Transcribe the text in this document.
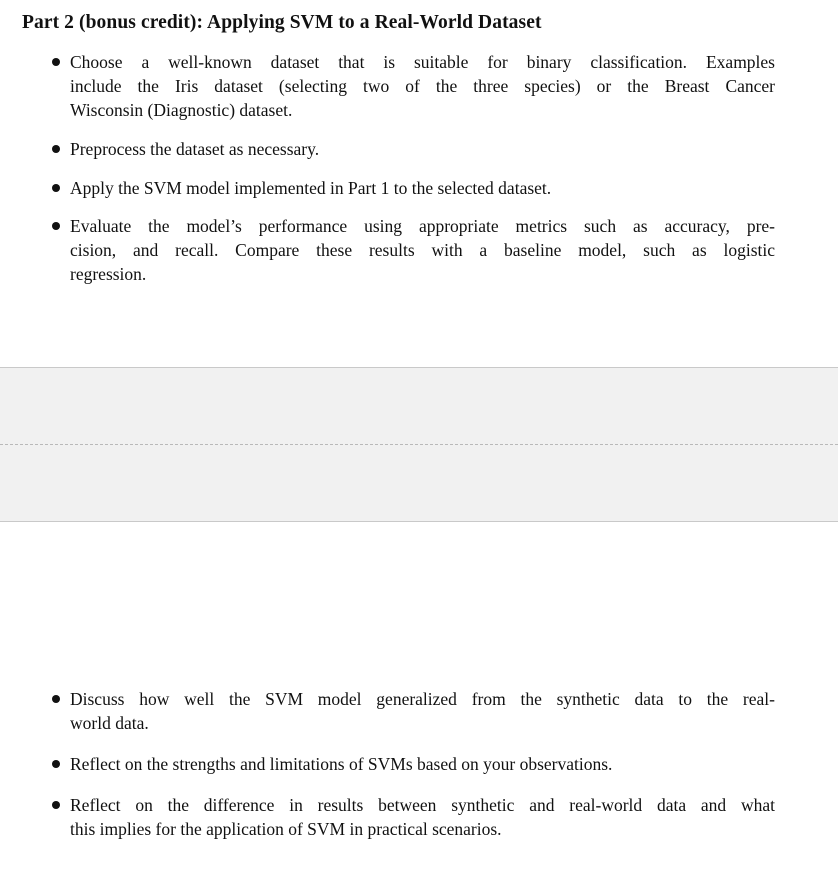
Part 2 (bonus credit): Applying SVM to a Real-World Dataset
Choose a well-known dataset that is suitable for binary classification. Examples
include the Iris dataset (selecting two of the three species) or the Breast Cancer
Wisconsin (Diagnostic) dataset.
Preprocess the dataset as necessary.
Apply the SVM model implemented in Part 1 to the selected dataset.
Evaluate the model’s performance using appropriate metrics such as accuracy, pre-
cision, and recall. Compare these results with a baseline model, such as logistic
regression.
Discuss how well the SVM model generalized from the synthetic data to the real-
world data.
Reflect on the strengths and limitations of SVMs based on your observations.
Reflect on the difference in results between synthetic and real-world data and what
this implies for the application of SVM in practical scenarios.
